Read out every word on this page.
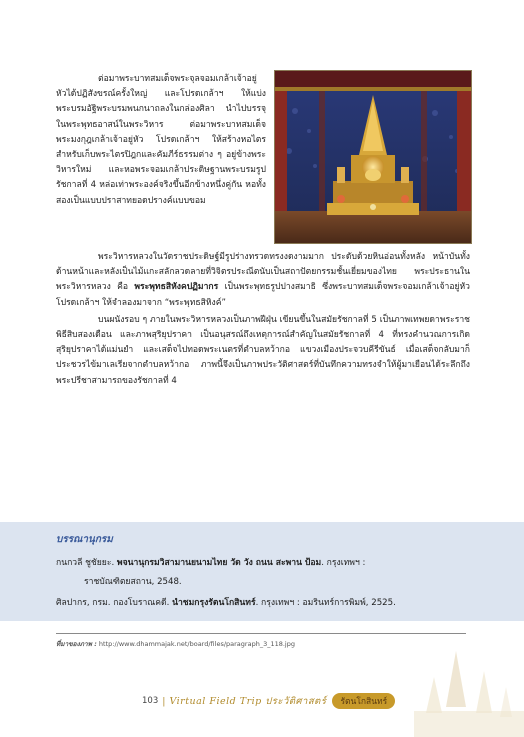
ต่อมาพระบาทสมเด็จพระจุลจอมเกล้าเจ้าอยู่หัวได้ปฏิสังขรณ์ครั้งใหญ่ และโปรดเกล้าฯ ให้แบ่งพระบรมอัฐิพระบรมพนกนาถลงในกล่องศิลา นำไปบรรจุในพระพุทธอาสน์ในพระวิหาร ต่อมาพระบาทสมเด็จพระมงกุฎเกล้าเจ้าอยู่หัว โปรดเกล้าฯ ให้สร้างหอไตรสำหรับเก็บพระไตรปิฎกและคัมภีร์ธรรมต่าง ๆ อยู่ข้างพระวิหารใหม่ และหอพระจอมเกล้าประดิษฐานพระบรมรูปรัชกาลที่ 4 หล่อเท่าพระองค์จริงขึ้นอีกข้างหนึ่งคู่กัน หอทั้งสองเป็นแบบปราสาทยอดปรางค์แบบขอม

พระวิหารหลวงในวัดราชประดิษฐ์มีรูปร่างทรวดทรงงดงามมาก ประดับด้วยหินอ่อนทั้งหลัง หน้าบันทั้งด้านหน้าและหลังเป็นไม้แกะสลักลวดลายที่วิจิตรประณีตนับเป็นสถาปัตยกรรมชั้นเยี่ยมของไทย พระประธานในพระวิหารหลวง คือ พระพุทธสิหังคปฏิมากร เป็นพระพุทธรูปปางสมาธิ ซึ่งพระบาทสมเด็จพระจอมเกล้าเจ้าอยู่หัว โปรดเกล้าฯ ให้จำลองมาจาก “พระพุทธสิหิงค์”

บนผนังรอบ ๆ ภายในพระวิหารหลวงเป็นภาพฝีฝุ่น เขียนขึ้นในสมัยรัชกาลที่ 5 เป็นภาพเทพยดาพระราชพิธีสิบสองเดือน และภาพสุริยุปราคา เป็นอนุสรณ์ถึงเหตุการณ์สำคัญในสมัยรัชกาลที่ 4 ที่ทรงคำนวณการเกิดสุริยุปราคาได้แม่นยำ และเสด็จไปทอดพระเนตรที่ตำบลหว้ากอ แขวงเมืองประจวบคีรีขันธ์ เมื่อเสด็จกลับมาก็ประชวรไข้มาเลเรียจากตำบลหว้ากอ ภาพนี้จึงเป็นภาพประวัติศาสตร์ที่บันทึกความทรงจำให้ผู้มาเยือนได้ระลึกถึงพระปรีชาสามารถของรัชกาลที่ 4

บรรณานุกรม
กนกวลี ชูชัยยะ. พจนานุกรมวิสามานยนามไทย วัด วัง ถนน สะพาน ป้อม. กรุงเทพฯ :
ราชบัณฑิตยสถาน, 2548.
ศิลปากร, กรม. กองโบราณคดี. นำชมกรุงรัตนโกสินทร์. กรุงเทพฯ : อมรินทร์การพิมพ์, 2525.
ที่มาของภาพ : http://www.dhammajak.net/board/files/paragraph_3_118.jpg
103 | Virtual Field Trip ประวัติศาสตร์	รัตนโกสินทร์
